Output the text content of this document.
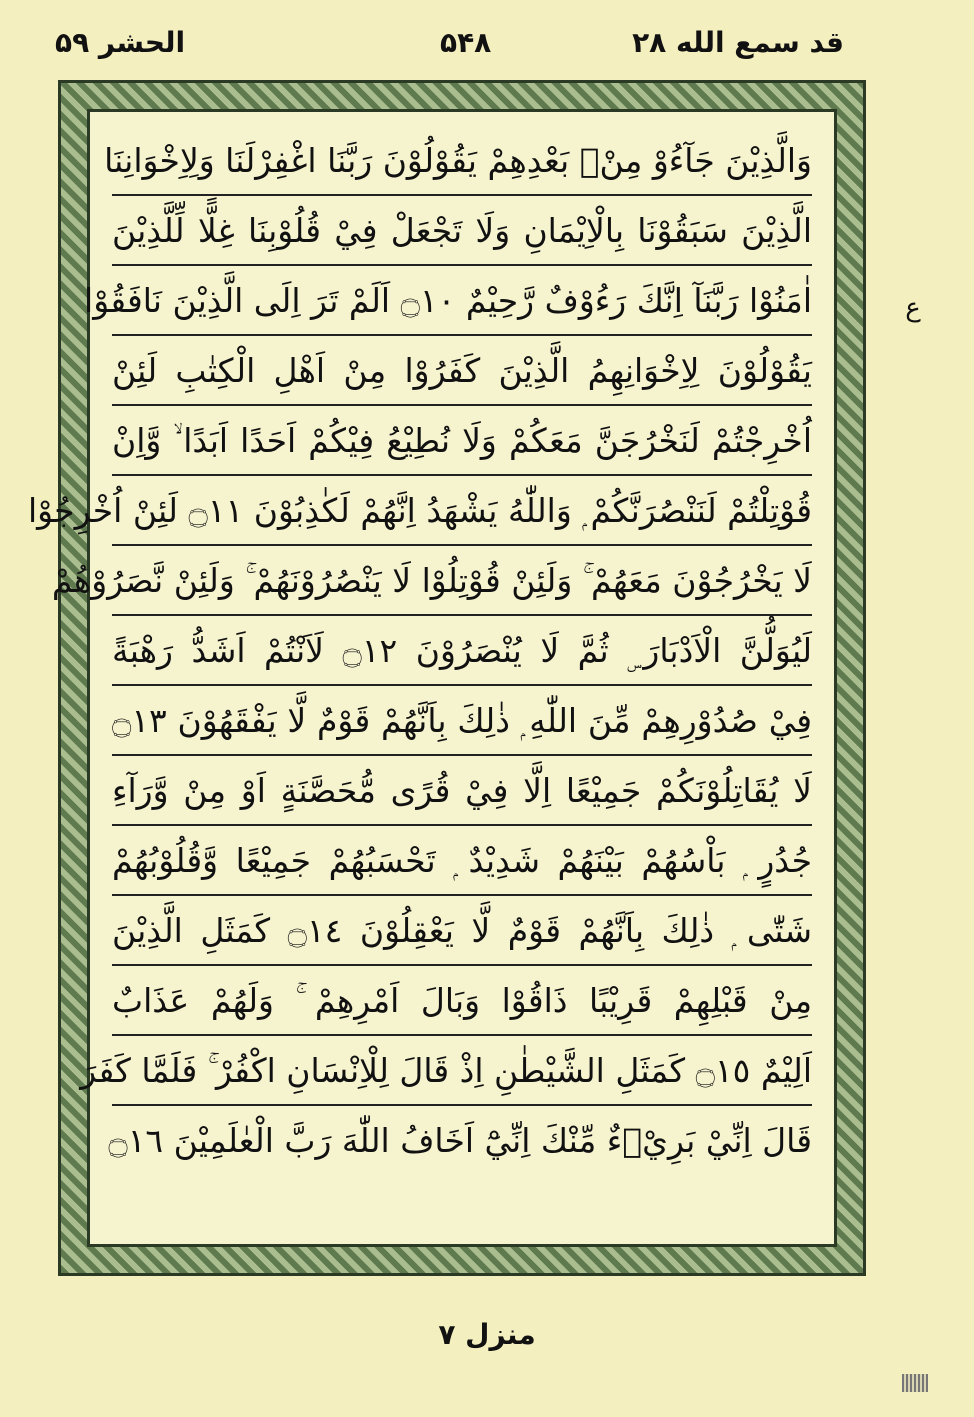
قد سمع الله ۲۸
۵۴۸
الحشر ۵۹
وَالَّذِيْنَ جَآءُوْ مِنْۢ بَعْدِهِمْ يَقُوْلُوْنَ رَبَّنَا اغْفِرْلَنَا وَلِاِخْوَانِنَا
الَّذِيْنَ سَبَقُوْنَا بِالْاِيْمَانِ وَلَا تَجْعَلْ فِيْ قُلُوْبِنَا غِلًّا لِّلَّذِيْنَ
اٰمَنُوْا رَبَّنَآ اِنَّكَ رَءُوْفٌ رَّحِيْمٌ ۝١٠ اَلَمْ تَرَ اِلَى الَّذِيْنَ نَافَقُوْا
يَقُوْلُوْنَ لِاِخْوَانِهِمُ الَّذِيْنَ كَفَرُوْا مِنْ اَهْلِ الْكِتٰبِ لَئِنْ
اُخْرِجْتُمْ لَنَخْرُجَنَّ مَعَكُمْ وَلَا نُطِيْعُ فِيْكُمْ اَحَدًا اَبَدًا ۙ وَّاِنْ
قُوْتِلْتُمْ لَنَنْصُرَنَّكُمْ ۭ وَاللّٰهُ يَشْهَدُ اِنَّهُمْ لَكٰذِبُوْنَ ۝١١ لَئِنْ اُخْرِجُوْا
لَا يَخْرُجُوْنَ مَعَهُمْ ۚ وَلَئِنْ قُوْتِلُوْا لَا يَنْصُرُوْنَهُمْ ۚ وَلَئِنْ نَّصَرُوْهُمْ
لَيُوَلُّنَّ الْاَدْبَارَ ۣ ثُمَّ لَا يُنْصَرُوْنَ ۝١٢ لَاَنْتُمْ اَشَدُّ رَهْبَةً
فِيْ صُدُوْرِهِمْ مِّنَ اللّٰهِ ۭ ذٰلِكَ بِاَنَّهُمْ قَوْمٌ لَّا يَفْقَهُوْنَ ۝١٣
لَا يُقَاتِلُوْنَكُمْ جَمِيْعًا اِلَّا فِيْ قُرًى مُّحَصَّنَةٍ اَوْ مِنْ وَّرَآءِ
جُدُرٍ ۭ بَاْسُهُمْ بَيْنَهُمْ شَدِيْدٌ ۭ تَحْسَبُهُمْ جَمِيْعًا وَّقُلُوْبُهُمْ
شَتّٰى ۭ ذٰلِكَ بِاَنَّهُمْ قَوْمٌ لَّا يَعْقِلُوْنَ ۝١٤ كَمَثَلِ الَّذِيْنَ
مِنْ قَبْلِهِمْ قَرِيْبًا ذَاقُوْا وَبَالَ اَمْرِهِمْ ۚ وَلَهُمْ عَذَابٌ
اَلِيْمٌ ۝١٥ كَمَثَلِ الشَّيْطٰنِ اِذْ قَالَ لِلْاِنْسَانِ اكْفُرْ ۚ فَلَمَّا كَفَرَ
قَالَ اِنِّيْ بَرِيْۗءٌ مِّنْكَ اِنِّيْٓ اَخَافُ اللّٰهَ رَبَّ الْعٰلَمِيْنَ ۝١٦
ع
منزل ۷
